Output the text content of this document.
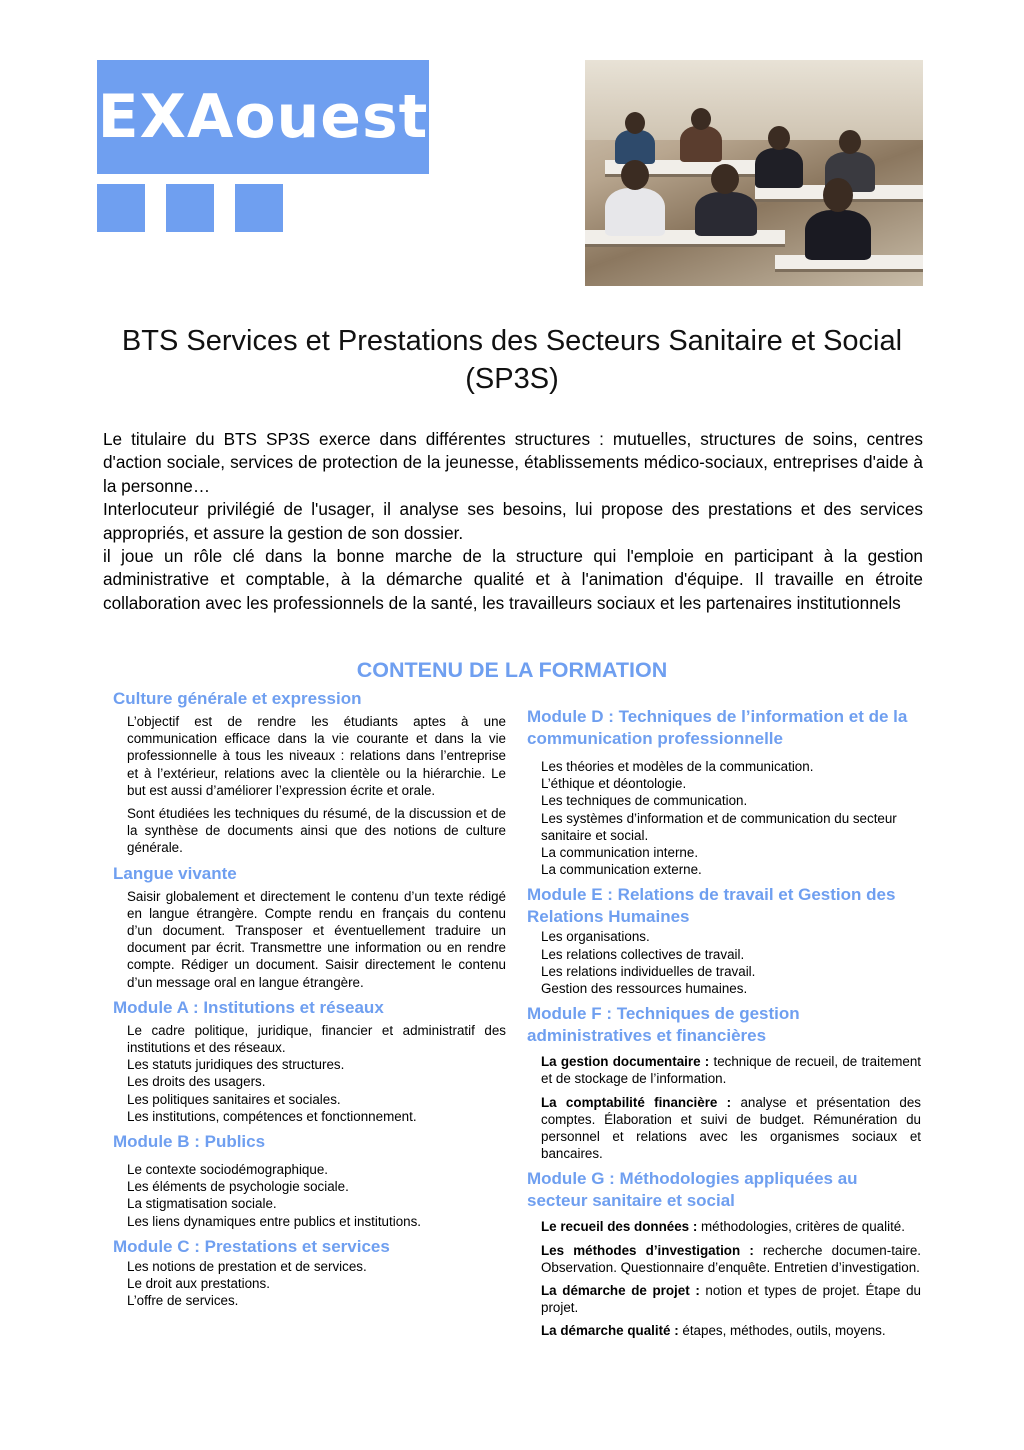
EXAouest
BTS Services et Prestations des Secteurs Sanitaire et Social (SP3S)

Le titulaire du BTS SP3S exerce dans différentes structures : mutuelles, structures de soins, centres d'action sociale, services de protection de la jeunesse, établissements médico-sociaux, entreprises d'aide à la personne…

Interlocuteur privilégié de l'usager, il analyse ses besoins, lui propose des prestations et des services appropriés, et assure la gestion de son dossier.

il joue un rôle clé dans la bonne marche de la structure qui l'emploie en participant à la gestion administrative et comptable, à la démarche qualité et à l'animation d'équipe. Il travaille en étroite collaboration avec les professionnels de la santé, les travailleurs sociaux et les partenaires institutionnels

CONTENU DE LA FORMATION
Culture générale et expression

L’objectif est de rendre les étudiants aptes à une communication efficace dans la vie courante et dans la vie professionnelle à tous les niveaux : relations dans l’entreprise et à l’extérieur, relations avec la clientèle ou la hiérarchie. Le but est aussi d’améliorer l’expression écrite et orale.

Sont étudiées les techniques du résumé, de la discussion et de la synthèse de documents ainsi que des notions de culture générale.

Langue vivante

Saisir globalement et directement le contenu d’un texte rédigé en langue étrangère. Compte rendu en français du contenu d’un document. Transposer et éventuellement traduire un document par écrit. Transmettre une information ou en rendre compte. Rédiger un document. Saisir directement le contenu d’un message oral en langue étrangère.

Module A : Institutions et réseaux

Le cadre politique, juridique, financier et administratif des institutions et des réseaux.

Les statuts juridiques des structures.
Les droits des usagers.
Les politiques sanitaires et sociales.
Les institutions, compétences et fonctionnement.
Module B : Publics
Le contexte sociodémographique.
Les éléments de psychologie sociale.
La stigmatisation sociale.
Les liens dynamiques entre publics et institutions.
Module C : Prestations et services
Les notions de prestation et de services.
Le droit aux prestations.
L’offre de services.
Module D : Techniques de l’information et de la communication professionnelle
Les théories et modèles de la communication.
L’éthique et déontologie.
Les techniques de communication.
Les systèmes d’information et de communication du secteur sanitaire et social.
La communication interne.
La communication externe.
Module E : Relations de travail et Gestion des Relations Humaines
Les organisations.
Les relations collectives de travail.
Les relations individuelles de travail.
Gestion des ressources humaines.
Module F : Techniques de gestion administratives et financières

La gestion documentaire : technique de recueil, de traitement et de stockage de l’information.

La comptabilité financière : analyse et présentation des comptes. Élaboration et suivi de budget. Rémunération du personnel et relations avec les organismes sociaux et bancaires.

Module G : Méthodologies appliquées au secteur sanitaire et social

Le recueil des données : méthodologies, critères de qualité.

Les méthodes d’investigation : recherche documen-taire. Observation. Questionnaire d’enquête. Entretien d’investigation.

La démarche de projet : notion et types de projet. Étape du projet.

La démarche qualité : étapes, méthodes, outils, moyens.
